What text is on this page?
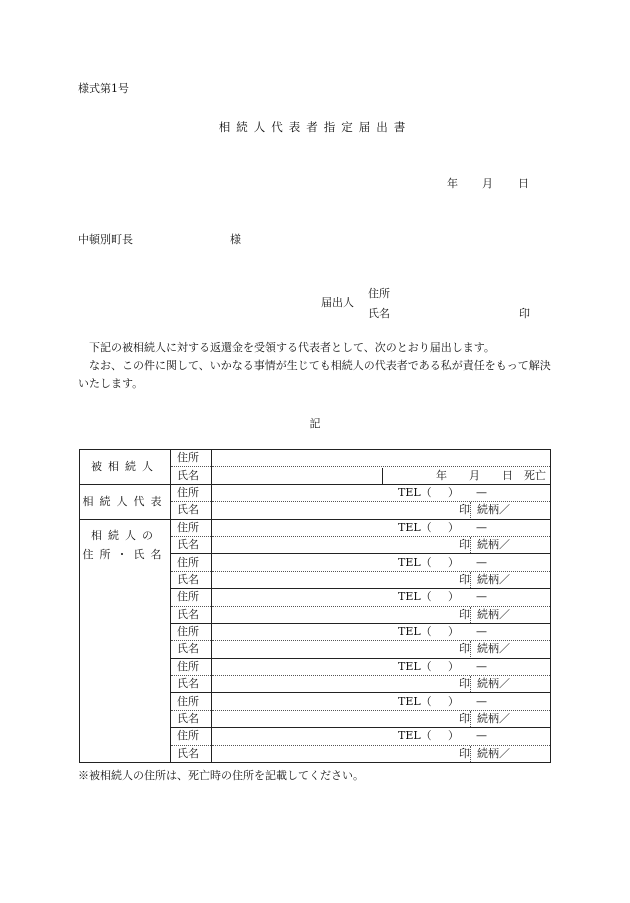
様式第1号
相続人代表者指定届出書
年 月 日
中頓別町長	様
届出人
住所
氏名	印

下記の被相続人に対する返還金を受領する代表者として、次のとおり届出します。

なお、この件に関して、いかなる事情が生じても相続人の代表者である私が責任をもって解決いたします。

記
被相続人	住所	
	氏名	年　　月　　日　死亡

相続人代表	住所	TEL（ ） —

	氏名	印 続柄／

相続人の
住所・氏名	住所	TEL（ ） —

	氏名	印 続柄／

	住所	TEL（ ） —

	氏名	印 続柄／

	住所	TEL（ ） —

	氏名	印 続柄／

	住所	TEL（ ） —

	氏名	印 続柄／

	住所	TEL（ ） —

	氏名	印 続柄／

	住所	TEL（ ） —

	氏名	印 続柄／

	住所	TEL（ ） —

	氏名	印 続柄／
※被相続人の住所は、死亡時の住所を記載してください。
